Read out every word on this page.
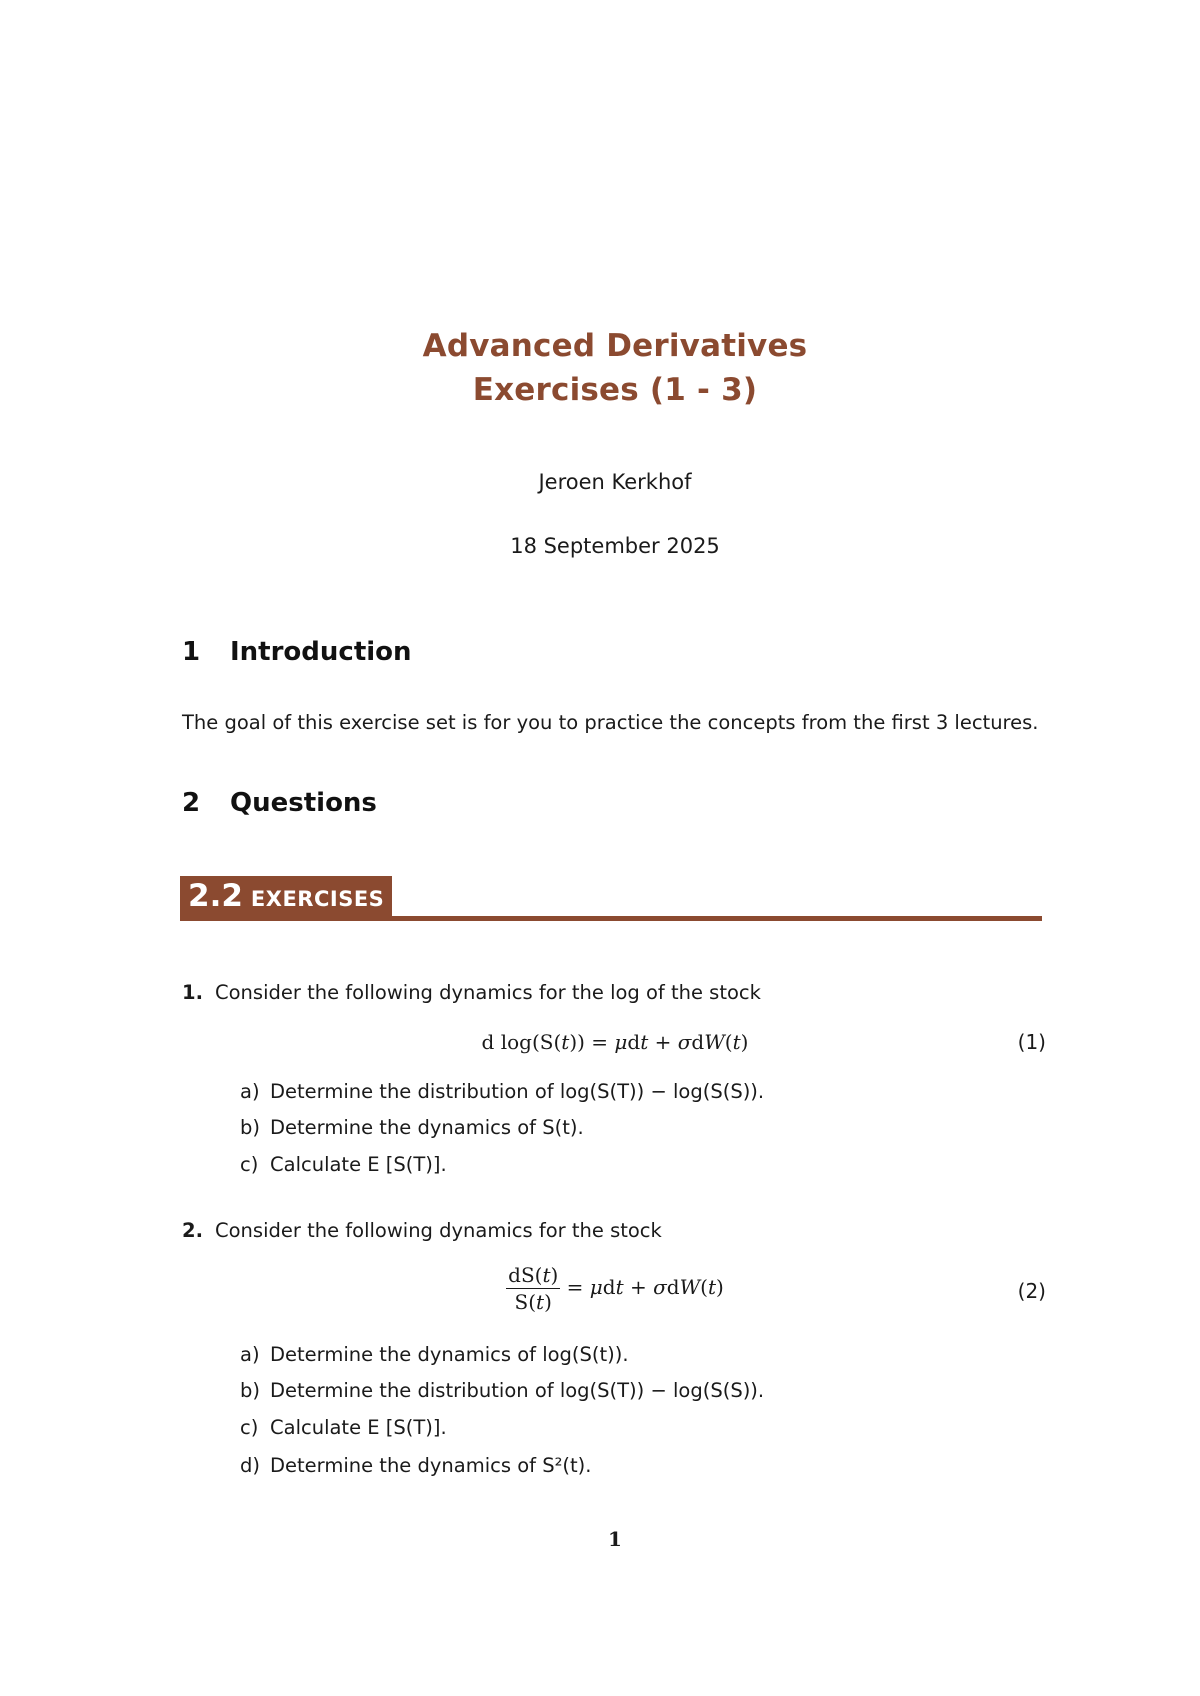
Advanced Derivatives
Exercises (1 - 3)
Jeroen Kerkhof
18 September 2025
1 Introduction
The goal of this exercise set is for you to practice the concepts from the first 3 lectures.
2 Questions
2.2 EXERCISES
1. Consider the following dynamics for the log of the stock
d log(S(t)) = μdt + σdW(t)	(1)
a) Determine the distribution of log(S(T)) − log(S(S)).
b) Determine the dynamics of S(t).
c) Calculate E [S(T)].
2. Consider the following dynamics for the stock
$\frac{dS(t)}{S(t)} = \mu dt + \sigma dW(t)$	(2)
a) Determine the dynamics of log(S(t)).
b) Determine the distribution of log(S(T)) − log(S(S)).
c) Calculate E [S(T)].
d) Determine the dynamics of S²(t).
1
